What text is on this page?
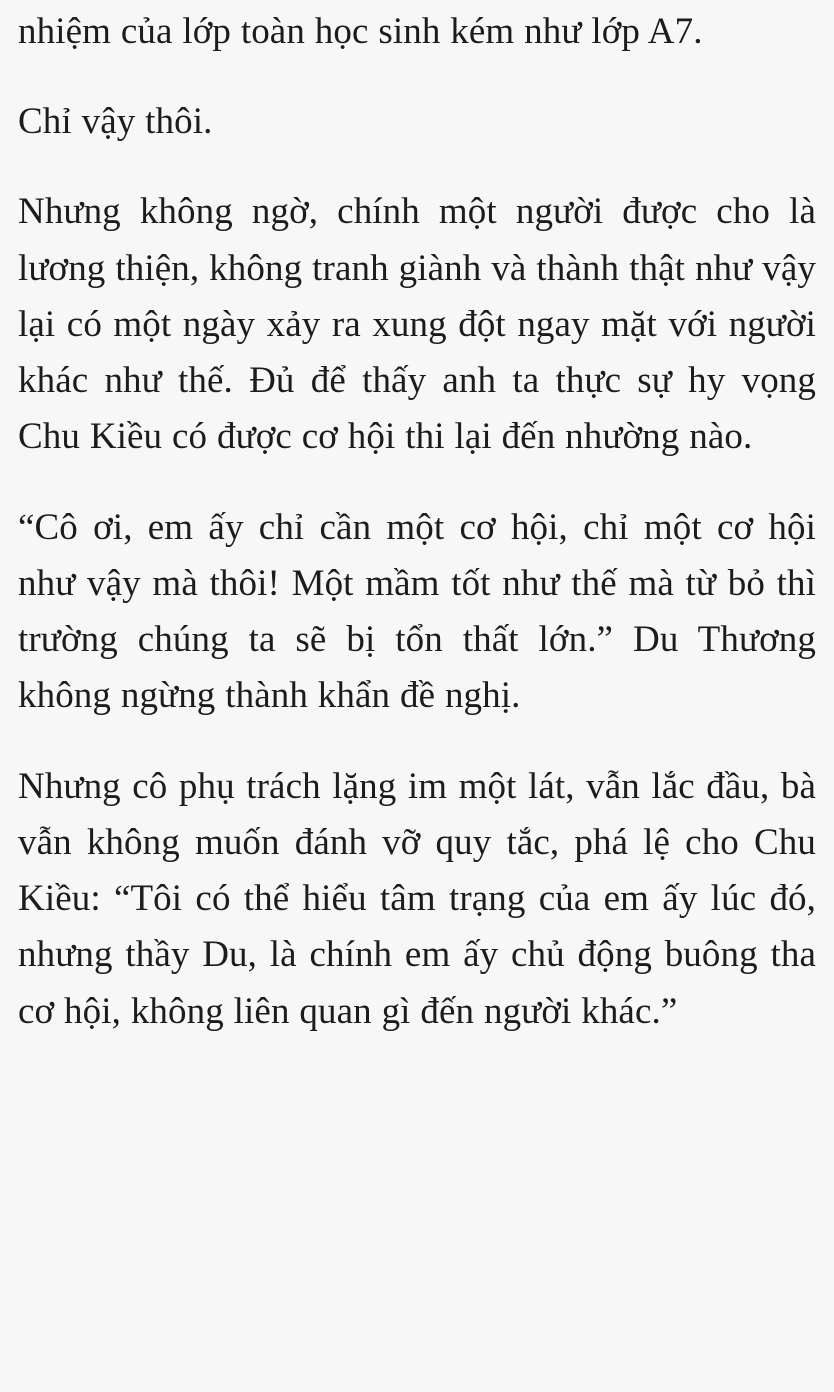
nhiệm của lớp toàn học sinh kém như lớp A7.

Chỉ vậy thôi.

Nhưng không ngờ, chính một người được cho là lương thiện, không tranh giành và thành thật như vậy lại có một ngày xảy ra xung đột ngay mặt với người khác như thế. Đủ để thấy anh ta thực sự hy vọng Chu Kiều có được cơ hội thi lại đến nhường nào.

“Cô ơi, em ấy chỉ cần một cơ hội, chỉ một cơ hội như vậy mà thôi! Một mầm tốt như thế mà từ bỏ thì trường chúng ta sẽ bị tổn thất lớn.” Du Thương không ngừng thành khẩn đề nghị.

Nhưng cô phụ trách lặng im một lát, vẫn lắc đầu, bà vẫn không muốn đánh vỡ quy tắc, phá lệ cho Chu Kiều: “Tôi có thể hiểu tâm trạng của em ấy lúc đó, nhưng thầy Du, là chính em ấy chủ động buông tha cơ hội, không liên quan gì đến người khác.”
